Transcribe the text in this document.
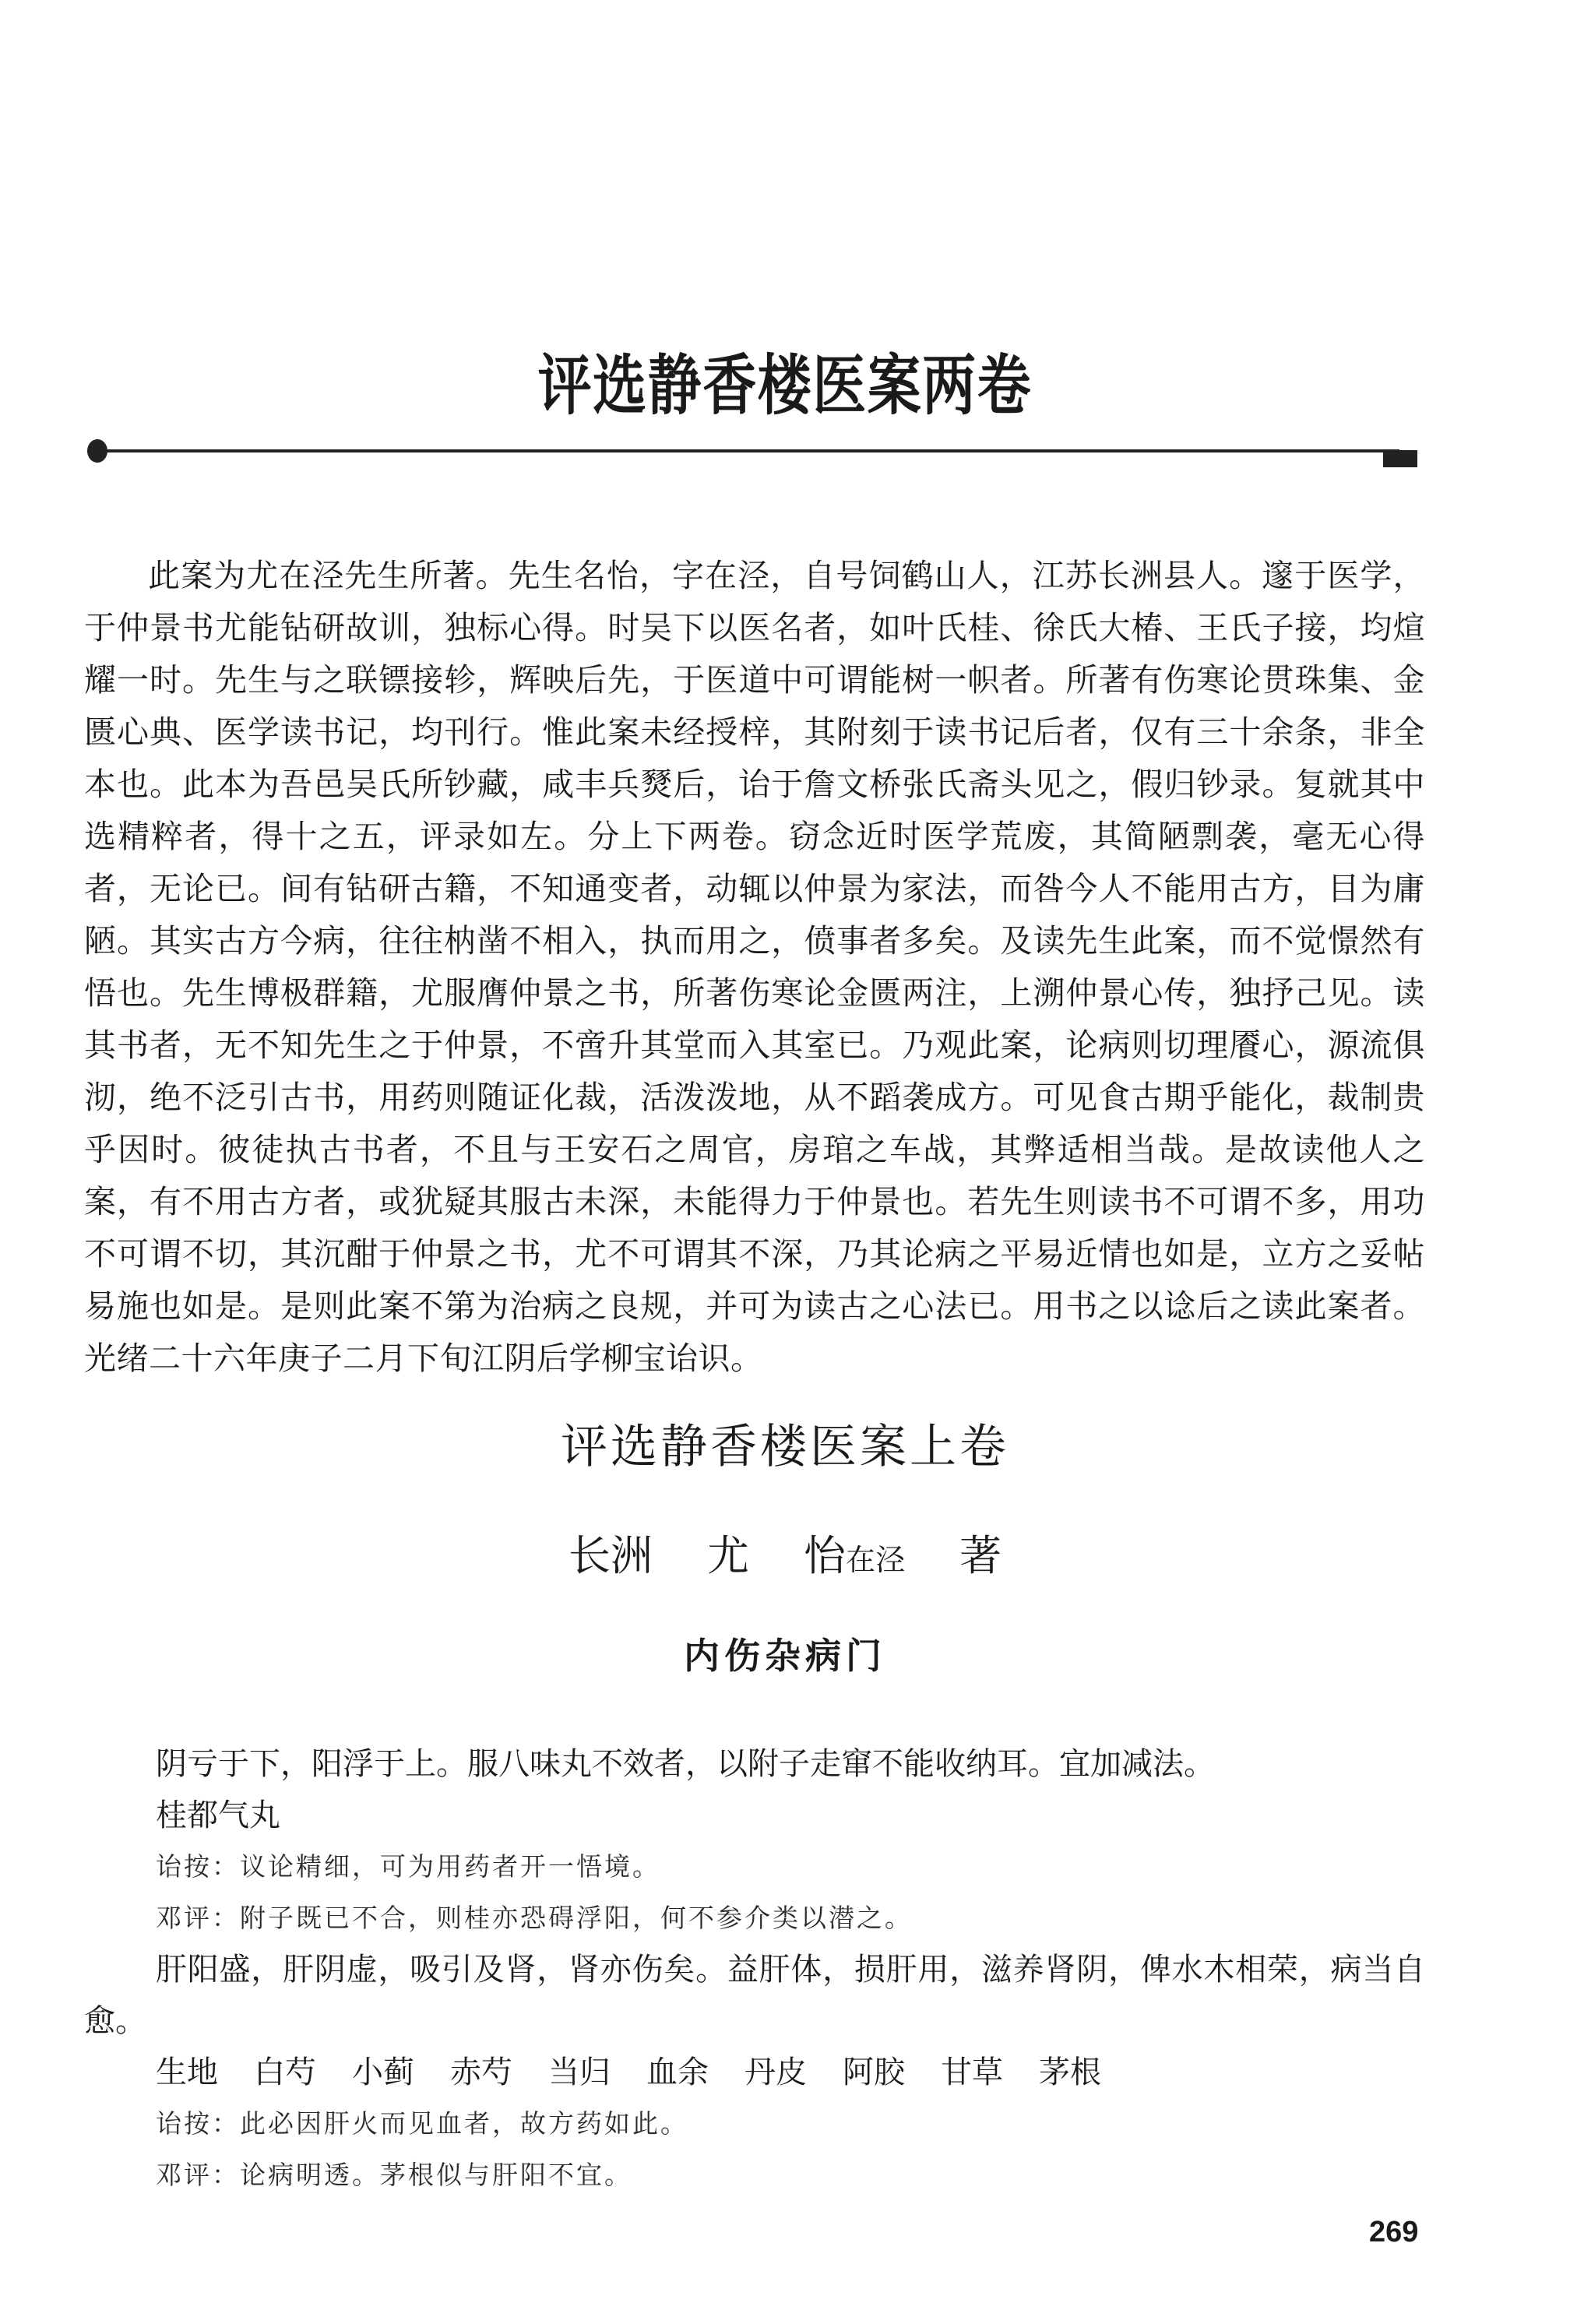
评选静香楼医案两卷
此案为尤在泾先生所著。先生名怡，字在泾，自号饲鹤山人，江苏长洲县人。邃于医学，于仲景书尤能钻研故训，独标心得。时吴下以医名者，如叶氏桂、徐氏大椿、王氏子接，均煊耀一时。先生与之联镖接轸，辉映后先，于医道中可谓能树一帜者。所著有伤寒论贯珠集、金匮心典、医学读书记，均刊行。惟此案未经授梓，其附刻于读书记后者，仅有三十余条，非全本也。此本为吾邑吴氏所钞藏，咸丰兵燹后，诒于詹文桥张氏斋头见之，假归钞录。复就其中选精粹者，得十之五，评录如左。分上下两卷。窃念近时医学荒废，其简陋剽袭，毫无心得者，无论已。间有钻研古籍，不知通变者，动辄以仲景为家法，而咎今人不能用古方，目为庸陋。其实古方今病，往往枘凿不相入，执而用之，偾事者多矣。及读先生此案，而不觉憬然有悟也。先生博极群籍，尤服膺仲景之书，所著伤寒论金匮两注，上溯仲景心传，独抒己见。读其书者，无不知先生之于仲景，不啻升其堂而入其室已。乃观此案，论病则切理餍心，源流俱沏，绝不泛引古书，用药则随证化裁，活泼泼地，从不蹈袭成方。可见食古期乎能化，裁制贵乎因时。彼徒执古书者，不且与王安石之周官，房琯之车战，其弊适相当哉。是故读他人之案，有不用古方者，或犹疑其服古未深，未能得力于仲景也。若先生则读书不可谓不多，用功不可谓不切，其沉酣于仲景之书，尤不可谓其不深，乃其论病之平易近情也如是，立方之妥帖易施也如是。是则此案不第为治病之良规，并可为读古之心法已。用书之以谂后之读此案者。光绪二十六年庚子二月下旬江阴后学柳宝诒识。
评选静香楼医案上卷
长洲 尤 怡在泾 著
内伤杂病门
阴亏于下，阳浮于上。服八味丸不效者，以附子走窜不能收纳耳。宜加减法。
桂都气丸
诒按：议论精细，可为用药者开一悟境。
邓评：附子既已不合，则桂亦恐碍浮阳，何不参介类以潜之。
肝阳盛，肝阴虚，吸引及肾，肾亦伤矣。益肝体，损肝用，滋养肾阴，俾水木相荣，病当自愈。
生地 白芍 小蓟 赤芍 当归 血余 丹皮 阿胶 甘草 茅根
诒按：此必因肝火而见血者，故方药如此。
邓评：论病明透。茅根似与肝阳不宜。
269
